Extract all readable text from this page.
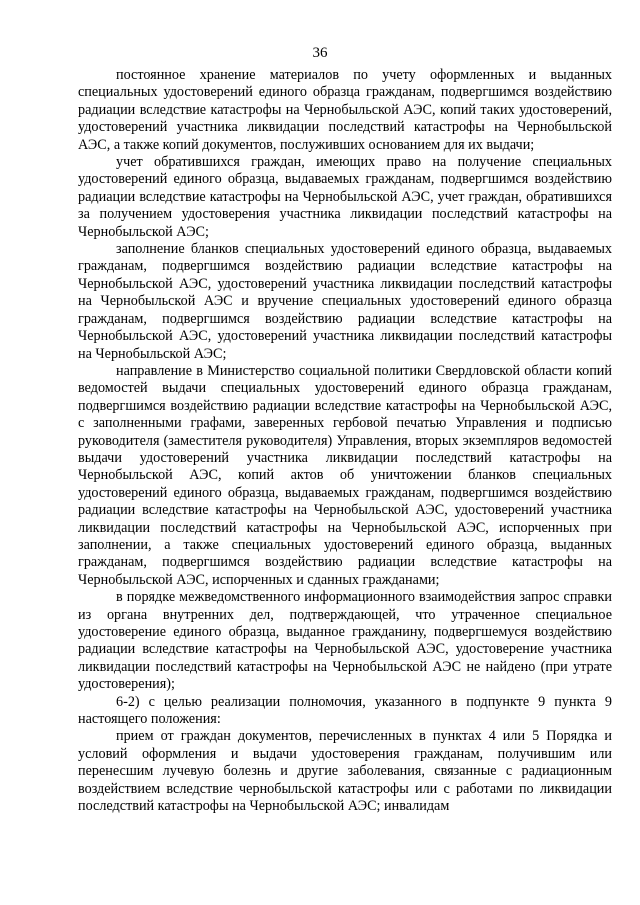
36

постоянное хранение материалов по учету оформленных и выданных специальных удостоверений единого образца гражданам, подвергшимся воздействию радиации вследствие катастрофы на Чернобыльской АЭС, копий таких удостоверений, удостоверений участника ликвидации последствий катастрофы на Чернобыльской АЭС, а также копий документов, послуживших основанием для их выдачи;

учет обратившихся граждан, имеющих право на получение специальных удостоверений единого образца, выдаваемых гражданам, подвергшимся воздействию радиации вследствие катастрофы на Чернобыльской АЭС, учет граждан, обратившихся за получением удостоверения участника ликвидации последствий катастрофы на Чернобыльской АЭС;

заполнение бланков специальных удостоверений единого образца, выдаваемых гражданам, подвергшимся воздействию радиации вследствие катастрофы на Чернобыльской АЭС, удостоверений участника ликвидации последствий катастрофы на Чернобыльской АЭС и вручение специальных удостоверений единого образца гражданам, подвергшимся воздействию радиации вследствие катастрофы на Чернобыльской АЭС, удостоверений участника ликвидации последствий катастрофы на Чернобыльской АЭС;

направление в Министерство социальной политики Свердловской области копий ведомостей выдачи специальных удостоверений единого образца гражданам, подвергшимся воздействию радиации вследствие катастрофы на Чернобыльской АЭС, с заполненными графами, заверенных гербовой печатью Управления и подписью руководителя (заместителя руководителя) Управления, вторых экземпляров ведомостей выдачи удостоверений участника ликвидации последствий катастрофы на Чернобыльской АЭС, копий актов об уничтожении бланков специальных удостоверений единого образца, выдаваемых гражданам, подвергшимся воздействию радиации вследствие катастрофы на Чернобыльской АЭС, удостоверений участника ликвидации последствий катастрофы на Чернобыльской АЭС, испорченных при заполнении, а также специальных удостоверений единого образца, выданных гражданам, подвергшимся воздействию радиации вследствие катастрофы на Чернобыльской АЭС, испорченных и сданных гражданами;

в порядке межведомственного информационного взаимодействия запрос справки из органа внутренних дел, подтверждающей, что утраченное специальное удостоверение единого образца, выданное гражданину, подвергшемуся воздействию радиации вследствие катастрофы на Чернобыльской АЭС, удостоверение участника ликвидации последствий катастрофы на Чернобыльской АЭС не найдено (при утрате удостоверения);

6-2) с целью реализации полномочия, указанного в подпункте 9 пункта 9 настоящего положения:

прием от граждан документов, перечисленных в пунктах 4 или 5 Порядка и условий оформления и выдачи удостоверения гражданам, получившим или перенесшим лучевую болезнь и другие заболевания, связанные с радиационным воздействием вследствие чернобыльской катастрофы или с работами по ликвидации последствий катастрофы на Чернобыльской АЭС; инвалидам
